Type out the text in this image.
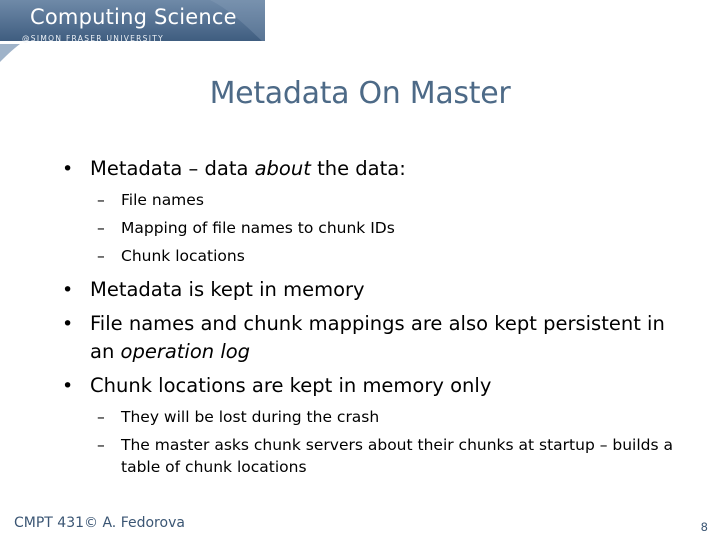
Computing Science
@SIMON FRASER UNIVERSITY
Metadata On Master

• Metadata – data about the data:

– File names

– Mapping of file names to chunk IDs

– Chunk locations

• Metadata is kept in memory

• File names and chunk mappings are also kept persistent in an operation log

• Chunk locations are kept in memory only

– They will be lost during the crash

– The master asks chunk servers about their chunks at startup – builds a table of chunk locations

CMPT 431© A. Fedorova	8
